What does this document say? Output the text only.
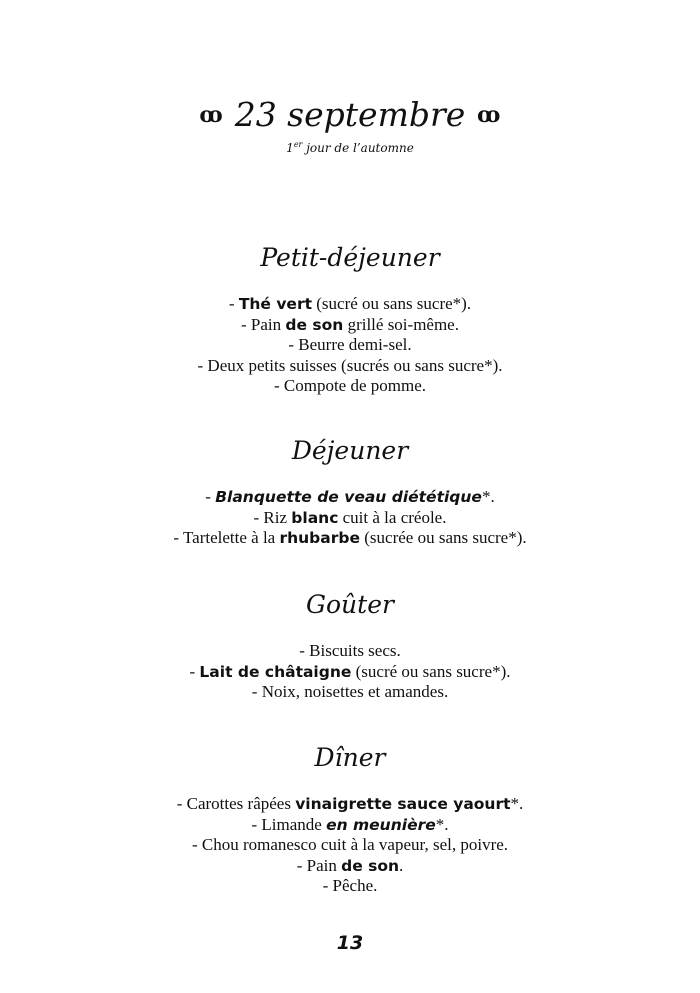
ꝏ 23 septembre ꝏ
1er jour de l’automne
Petit-déjeuner
- Thé vert (sucré ou sans sucre*).
- Pain de son grillé soi-même.
- Beurre demi-sel.
- Deux petits suisses (sucrés ou sans sucre*).
- Compote de pomme.
Déjeuner
- Blanquette de veau diététique*.
- Riz blanc cuit à la créole.
- Tartelette à la rhubarbe (sucrée ou sans sucre*).
Goûter
- Biscuits secs.
- Lait de châtaigne (sucré ou sans sucre*).
- Noix, noisettes et amandes.
Dîner
- Carottes râpées vinaigrette sauce yaourt*.
- Limande en meunière*.
- Chou romanesco cuit à la vapeur, sel, poivre.
- Pain de son.
- Pêche.
13
